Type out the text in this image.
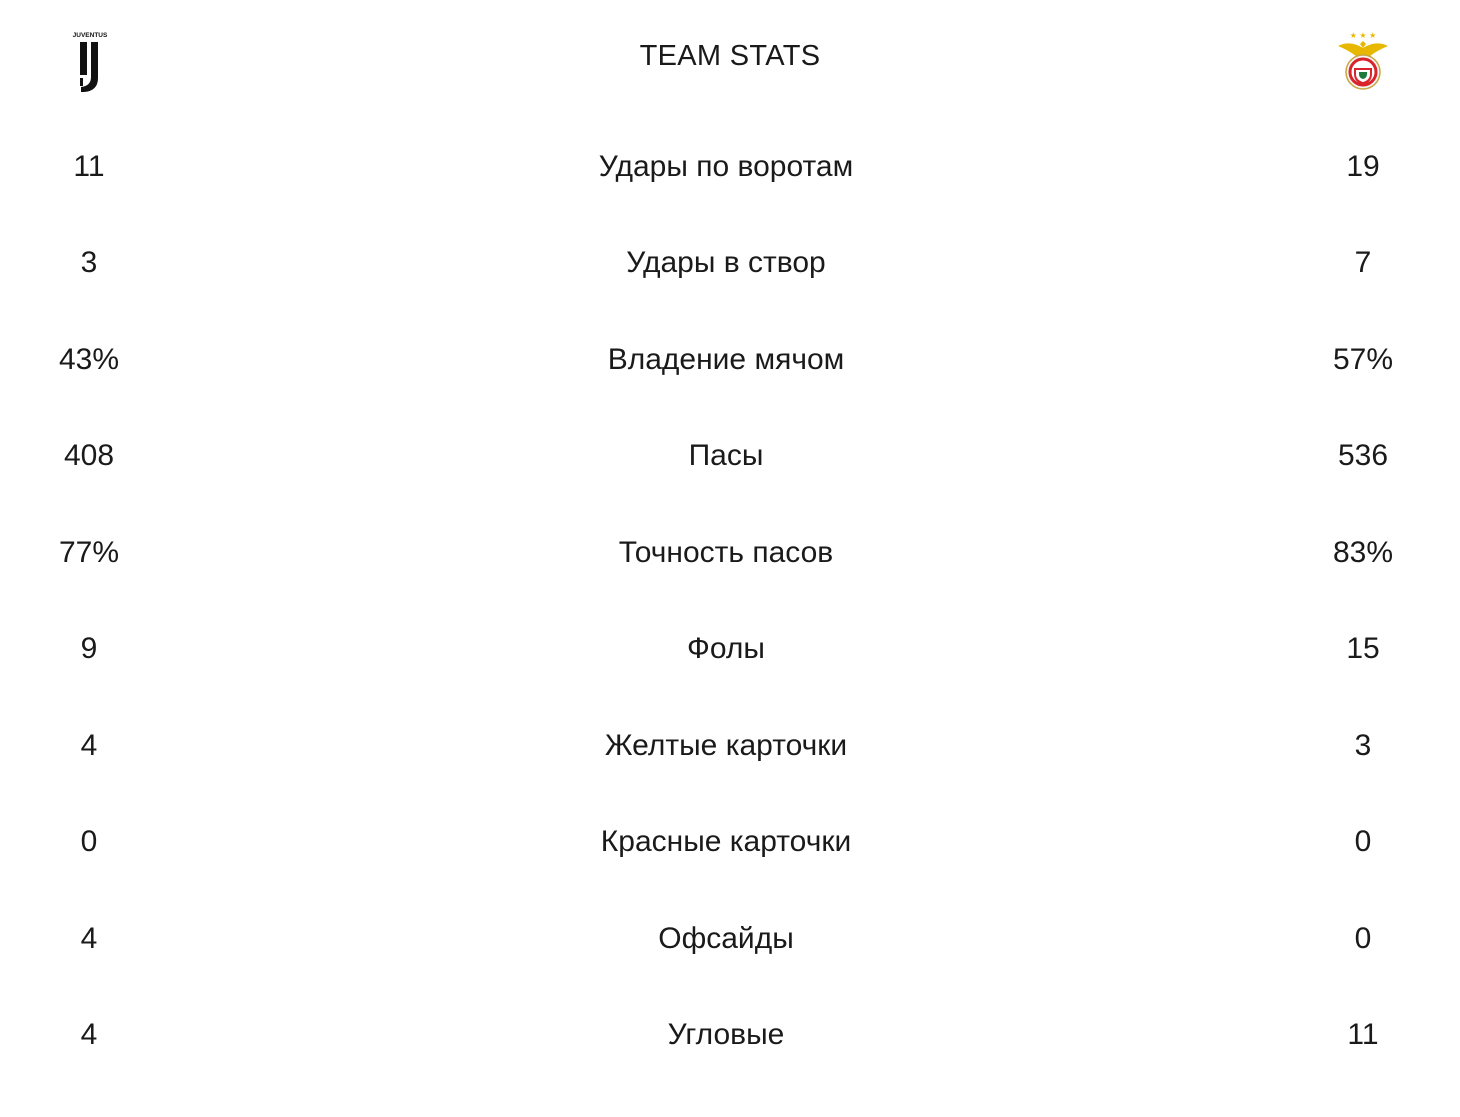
JUVENTUS
TEAM STATS
★ ★ ★
11	Удары по воротам	19
3	Удары в створ	7
43%	Владение мячом	57%
408	Пасы	536
77%	Точность пасов	83%
9	Фолы	15
4	Желтые карточки	3
0	Красные карточки	0
4	Офсайды	0
4	Угловые	11
